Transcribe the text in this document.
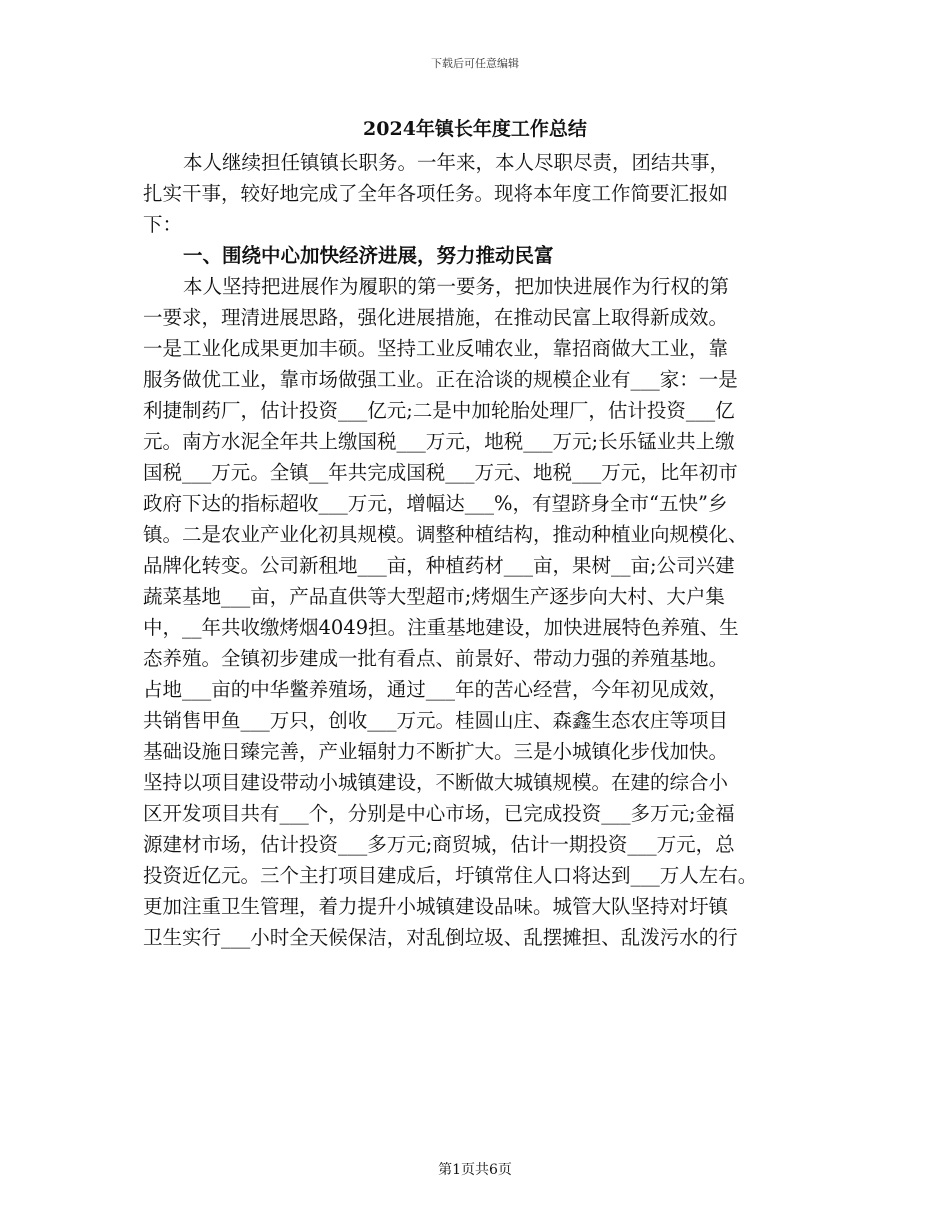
下载后可任意编辑
2024年镇长年度工作总结
本人继续担任镇镇长职务。一年来，本人尽职尽责，团结共事，
扎实干事，较好地完成了全年各项任务。现将本年度工作简要汇报如
下：
一、围绕中心加快经济进展，努力推动民富
本人坚持把进展作为履职的第一要务，把加快进展作为行权的第
一要求，理清进展思路，强化进展措施，在推动民富上取得新成效。
一是工业化成果更加丰硕。坚持工业反哺农业，靠招商做大工业，靠
服务做优工业，靠市场做强工业。正在洽谈的规模企业有___家：一是
利捷制药厂，估计投资___亿元;二是中加轮胎处理厂，估计投资___亿
元。南方水泥全年共上缴国税___万元，地税___万元;长乐锰业共上缴
国税___万元。全镇__年共完成国税___万元、地税___万元，比年初市
政府下达的指标超收___万元，增幅达___%，有望跻身全市“五快”乡
镇。二是农业产业化初具规模。调整种植结构，推动种植业向规模化、
品牌化转变。公司新租地___亩，种植药材___亩，果树__亩;公司兴建
蔬菜基地___亩，产品直供等大型超市;烤烟生产逐步向大村、大户集
中，__年共收缴烤烟4049担。注重基地建设，加快进展特色养殖、生
态养殖。全镇初步建成一批有看点、前景好、带动力强的养殖基地。
占地___亩的中华鳖养殖场，通过___年的苦心经营，今年初见成效，
共销售甲鱼___万只，创收___万元。桂圆山庄、森鑫生态农庄等项目
基础设施日臻完善，产业辐射力不断扩大。三是小城镇化步伐加快。
坚持以项目建设带动小城镇建设，不断做大城镇规模。在建的综合小
区开发项目共有___个，分别是中心市场，已完成投资___多万元;金福
源建材市场，估计投资___多万元;商贸城，估计一期投资___万元，总
投资近亿元。三个主打项目建成后，圩镇常住人口将达到___万人左右。
更加注重卫生管理，着力提升小城镇建设品味。城管大队坚持对圩镇
卫生实行___小时全天候保洁，对乱倒垃圾、乱摆摊担、乱泼污水的行
第1页共6页
